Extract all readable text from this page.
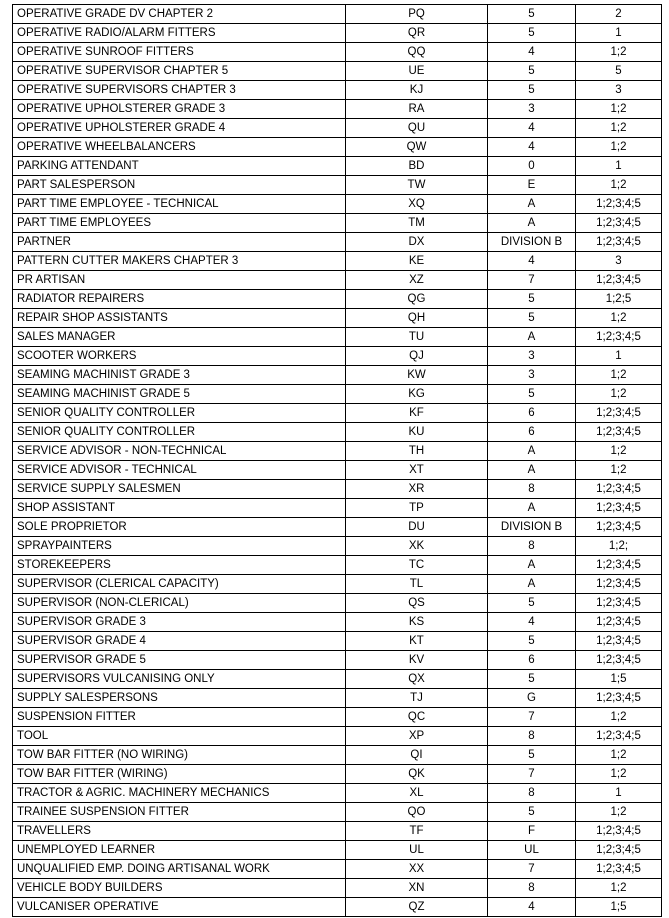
OPERATIVE GRADE DV CHAPTER 2	PQ	5	2
OPERATIVE RADIO/ALARM FITTERS	QR	5	1
OPERATIVE SUNROOF FITTERS	QQ	4	1;2
OPERATIVE SUPERVISOR CHAPTER 5	UE	5	5
OPERATIVE SUPERVISORS CHAPTER 3	KJ	5	3
OPERATIVE UPHOLSTERER GRADE 3	RA	3	1;2
OPERATIVE UPHOLSTERER GRADE 4	QU	4	1;2
OPERATIVE WHEELBALANCERS	QW	4	1;2
PARKING ATTENDANT	BD	0	1
PART SALESPERSON	TW	E	1;2
PART TIME EMPLOYEE - TECHNICAL	XQ	A	1;2;3;4;5
PART TIME EMPLOYEES	TM	A	1;2;3;4;5
PARTNER	DX	DIVISION B	1;2;3;4;5
PATTERN CUTTER MAKERS CHAPTER 3	KE	4	3
PR ARTISAN	XZ	7	1;2;3;4;5
RADIATOR REPAIRERS	QG	5	1;2;5
REPAIR SHOP ASSISTANTS	QH	5	1;2
SALES MANAGER	TU	A	1;2;3;4;5
SCOOTER WORKERS	QJ	3	1
SEAMING MACHINIST GRADE 3	KW	3	1;2
SEAMING MACHINIST GRADE 5	KG	5	1;2
SENIOR QUALITY CONTROLLER	KF	6	1;2;3;4;5
SENIOR QUALITY CONTROLLER	KU	6	1;2;3;4;5
SERVICE ADVISOR - NON-TECHNICAL	TH	A	1;2
SERVICE ADVISOR - TECHNICAL	XT	A	1;2
SERVICE SUPPLY SALESMEN	XR	8	1;2;3;4;5
SHOP ASSISTANT	TP	A	1;2;3;4;5
SOLE PROPRIETOR	DU	DIVISION B	1;2;3;4;5
SPRAYPAINTERS	XK	8	1;2;
STOREKEEPERS	TC	A	1;2;3;4;5
SUPERVISOR (CLERICAL CAPACITY)	TL	A	1;2;3;4;5
SUPERVISOR (NON-CLERICAL)	QS	5	1;2;3;4;5
SUPERVISOR GRADE 3	KS	4	1;2;3;4;5
SUPERVISOR GRADE 4	KT	5	1;2;3;4;5
SUPERVISOR GRADE 5	KV	6	1;2;3;4;5
SUPERVISORS VULCANISING ONLY	QX	5	1;5
SUPPLY SALESPERSONS	TJ	G	1;2;3;4;5
SUSPENSION FITTER	QC	7	1;2
TOOL	XP	8	1;2;3;4;5
TOW BAR FITTER (NO WIRING)	QI	5	1;2
TOW BAR FITTER (WIRING)	QK	7	1;2
TRACTOR & AGRIC. MACHINERY MECHANICS	XL	8	1
TRAINEE SUSPENSION FITTER	QO	5	1;2
TRAVELLERS	TF	F	1;2;3;4;5
UNEMPLOYED LEARNER	UL	UL	1;2;3;4;5
UNQUALIFIED EMP. DOING ARTISANAL WORK	XX	7	1;2;3;4;5
VEHICLE BODY BUILDERS	XN	8	1;2
VULCANISER OPERATIVE	QZ	4	1;5
